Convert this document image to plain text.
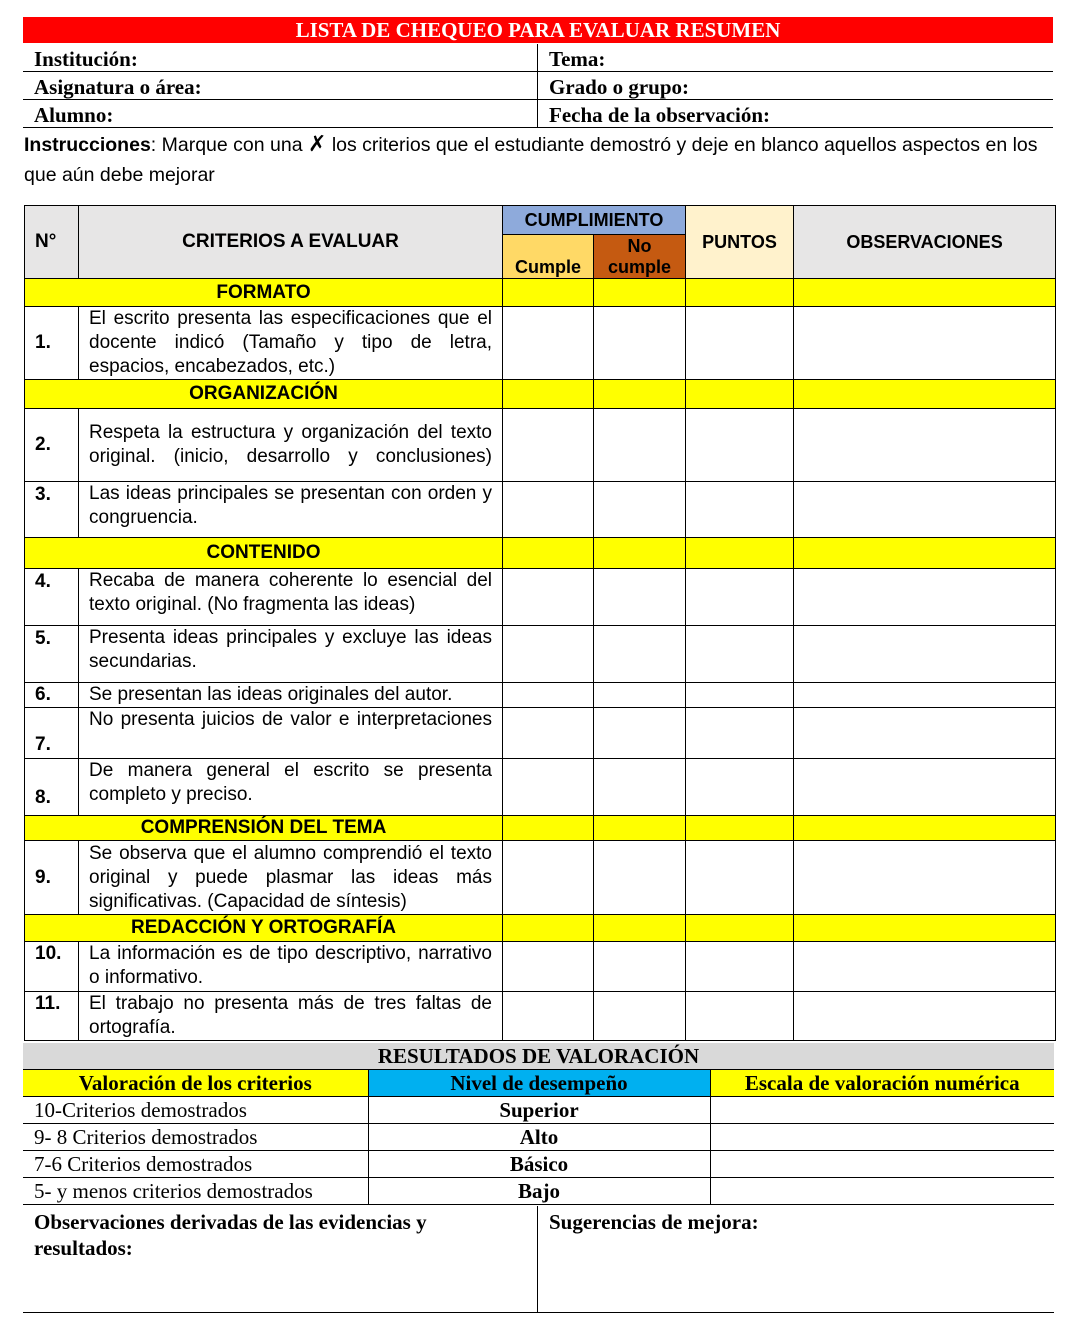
LISTA DE CHEQUEO PARA EVALUAR RESUMEN
Institución:	Tema:
Asignatura o área:	Grado o grupo:
Alumno:	Fecha de la observación:
Instrucciones: Marque con una ✗ los criterios que el estudiante demostró y deje en blanco aquellos aspectos en los que aún debe mejorar
N°	CRITERIOS A EVALUAR	CUMPLIMIENTO		PUNTOS	OBSERVACIONES
		Cumple	No cumple		
FORMATO					
1.	El escrito presenta las especificaciones que el docente indicó (Tamaño y tipo de letra, espacios, encabezados, etc.)				
ORGANIZACIÓN					
2.	Respeta la estructura y organización del texto original. (inicio, desarrollo y conclusiones)				
3.	Las ideas principales se presentan con orden y congruencia.				
CONTENIDO					
4.	Recaba de manera coherente lo esencial del texto original. (No fragmenta las ideas)				
5.	Presenta ideas principales y excluye las ideas secundarias.				
6.	Se presentan las ideas originales del autor.				
7.	No presenta juicios de valor e interpretaciones				
8.	De manera general el escrito se presenta completo y preciso.				
COMPRENSIÓN DEL TEMA					
9.	Se observa que el alumno comprendió el texto original y puede plasmar las ideas más significativas. (Capacidad de síntesis)				
REDACCIÓN Y ORTOGRAFÍA					
10.	La información es de tipo descriptivo, narrativo o informativo.				
11.	El trabajo no presenta más de tres faltas de ortografía.				
RESULTADOS DE VALORACIÓN		
Valoración de los criterios	Nivel de desempeño	Escala de valoración numérica
10-Criterios demostrados	Superior	
9- 8 Criterios demostrados	Alto	
7-6 Criterios demostrados	Básico	
5- y menos criterios demostrados	Bajo	
Observaciones derivadas de las evidencias y resultados:
Sugerencias de mejora:
